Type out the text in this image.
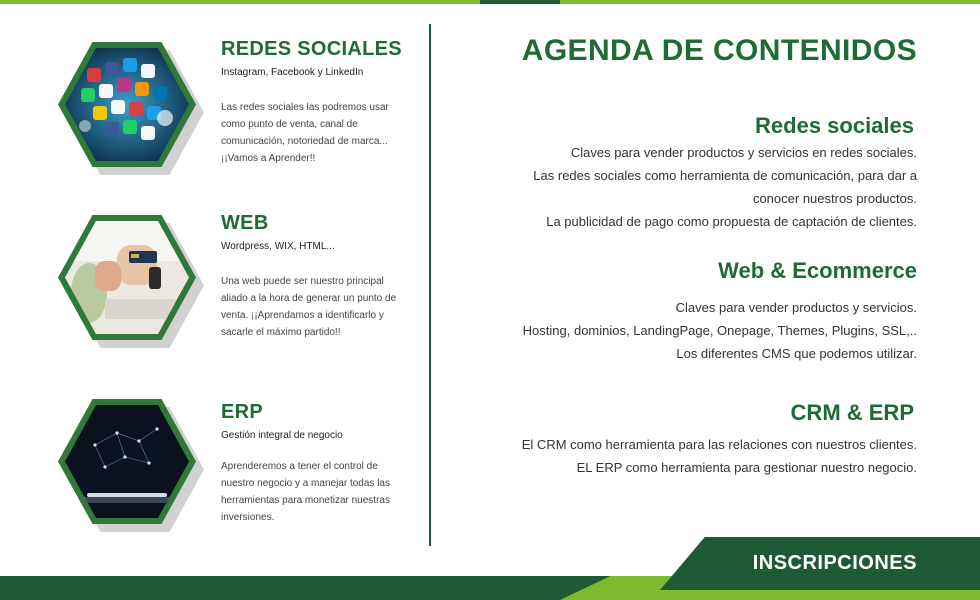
REDES SOCIALES
Instagram, Facebook y LinkedIn
Las redes sociales las podremos usar como punto de venta, canal de comunicación, notoriedad de marca... ¡¡Vamos a Aprender!!
WEB
Wordpress, WIX, HTML...
Una web puede ser nuestro principal aliado a la hora de generar un punto de venta. ¡¡Aprendamos a identificarlo y sacarle el máximo partido!!
ERP
Gestión integral de negocio
Aprenderemos a tener el control de nuestro negocio y a manejar todas las herramientas para monetizar nuestras inversiones.
AGENDA DE CONTENIDOS
Redes sociales
Claves para vender productos y servicios en redes sociales.
Las redes sociales como herramienta de comunicación, para dar a
conocer nuestros productos.
La publicidad de pago como propuesta de captación de clientes.
Web & Ecommerce
Claves para vender productos y servicios.
Hosting, dominios, LandingPage, Onepage, Themes, Plugins, SSL,..
Los diferentes CMS que podemos utilizar.
CRM & ERP
El CRM como herramienta para las relaciones con nuestros clientes.
EL ERP como herramienta para gestionar nuestro negocio.
INSCRIPCIONES
